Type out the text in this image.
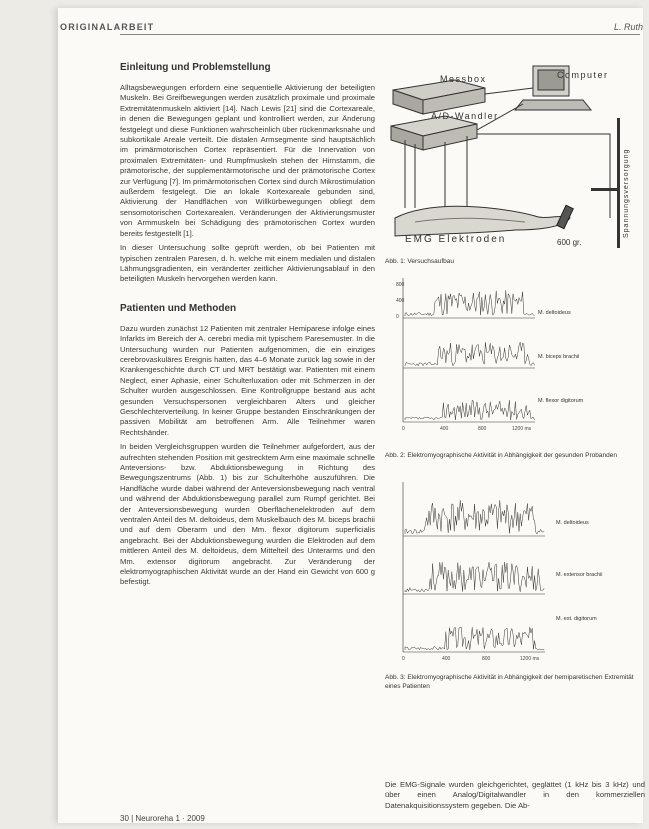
ORIGINALARBEIT	L. Ruth
Einleitung und Problemstellung

Alltagsbewegungen erfordern eine sequentielle Aktivierung der beteiligten Muskeln. Bei Greifbewegungen werden zusätzlich proximale und proximale Extremitätenmuskeln aktiviert [14]. Nach Lewis [21] sind die Cortexareale, in denen die Bewegungen geplant und kontrolliert werden, zur Änderung festgelegt und diese Funktionen wahrscheinlich über rückenmarksnahe und subkortikale Areale verteilt. Die distalen Armsegmente sind hauptsächlich im primärmotorischen Cortex repräsentiert. Für die Innervation von proximalen Extremitäten- und Rumpfmuskeln stehen der Hirnstamm, die prämotorische, der supplementärmotorische und der prämotorische Cortex zur Verfügung [7]. Im primärmotorischen Cortex sind durch Mikrostimulation außerdem festgelegt. Die an lokale Kortexareale gebunden sind, Aktivierung der Handflächen von Willkürbewegungen obliegt dem sensomotorischen Cortexarealen. Veränderungen der Aktivierungsmuster von Armmuskeln bei Schädigung des prämotorischen Cortex wurden bereits festgestellt [1].

In dieser Untersuchung sollte geprüft werden, ob bei Patienten mit typischen zentralen Paresen, d. h. welche mit einem medialen und distalen Lähmungsgradienten, ein veränderter zeitlicher Aktivierungsablauf in den beteiligten Muskeln hervorgehen werden kann.

Patienten und Methoden

Dazu wurden zunächst 12 Patienten mit zentraler Hemiparese infolge eines Infarkts im Bereich der A. cerebri media mit typischem Paresemuster. In die Untersuchung wurden nur Patienten aufgenommen, die ein einziges cerebrovaskuläres Ereignis hatten, das 4–6 Monate zurück lag sowie in der Krankengeschichte durch CT und MRT bestätigt war. Patienten mit einem Neglect, einer Aphasie, einer Schulterluxation oder mit Schmerzen in der Schulter wurden ausgeschlossen. Eine Kontrollgruppe bestand aus acht gesunden Versuchspersonen vergleichbaren Alters und gleicher Geschlechterverteilung. In keiner Gruppe bestanden Einschränkungen der passiven Mobilität am betroffenen Arm. Alle Teilnehmer waren Rechtshänder.

In beiden Vergleichsgruppen wurden die Teilnehmer aufgefordert, aus der aufrechten stehenden Position mit gestrecktem Arm eine maximale schnelle Anteversions- bzw. Abduktionsbewegung in Richtung des Bewegungszentrums (Abb. 1) bis zur Schulterhöhe auszuführen. Die Handfläche wurde dabei während der Anteversionsbewegung nach ventral und während der Abduktionsbewegung parallel zum Rumpf gerichtet. Bei der Anteversionsbewegung wurden Oberflächenelektroden auf dem ventralen Anteil des M. deltoideus, dem Muskelbauch des M. biceps brachii und auf dem Oberarm und den Mm. flexor digitorum superficialis angebracht. Bei der Abduktionsbewegung wurden die Elektroden auf dem mittleren Anteil des M. deltoideus, dem Mittelteil des Unterarms und den Mm. extensor digitorum angebracht. Zur Veränderung der elektromyographischen Aktivität wurde an der Hand ein Gewicht von 600 g befestigt.

Messbox	Computer
A/D-Wandler
EMG Elektroden	600 gr.
Spannungsversorgung
Abb. 1: Versuchsaufbau
M. deltoideus
M. biceps brachii
M. flexor digitorum
800
400
0
0	400	800	1200 ms
Abb. 2: Elektromyographische Aktivität in Abhängigkeit der gesunden Probanden
M. deltoideus
M. extensor brachii
M. ext. digitorum
0	400	800	1200 ms
Abb. 3: Elektromyographische Aktivität in Abhängigkeit der hemiparetischen Extremität eines Patienten

Die EMG-Signale wurden gleichgerichtet, geglättet (1 kHz bis 3 kHz) und über einen Analog/Digitalwandler in den kommerziellen Datenakquisitionssystem gegeben. Die Ab-

30 | Neuroreha 1 · 2009
